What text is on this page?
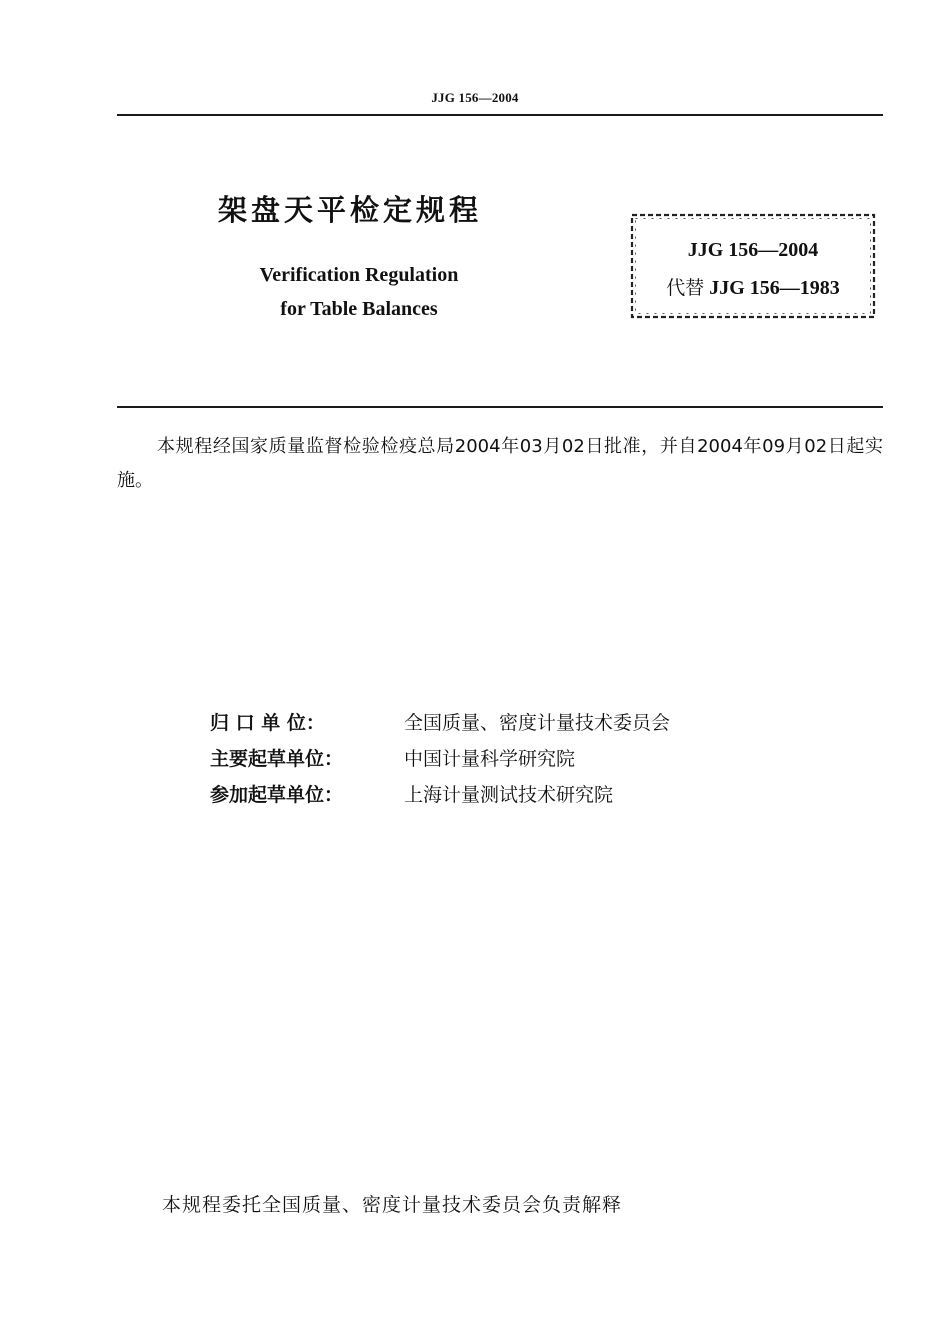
JJG 156—2004
架盘天平检定规程
Verification Regulation
for Table Balances
JJG 156—2004
代替 JJG 156—1983
本规程经国家质量监督检验检疫总局2004年03月02日批准，并自2004年09月02日起实施。
归 口 单 位：	全国质量、密度计量技术委员会
主要起草单位：	中国计量科学研究院
参加起草单位：	上海计量测试技术研究院
本规程委托全国质量、密度计量技术委员会负责解释
